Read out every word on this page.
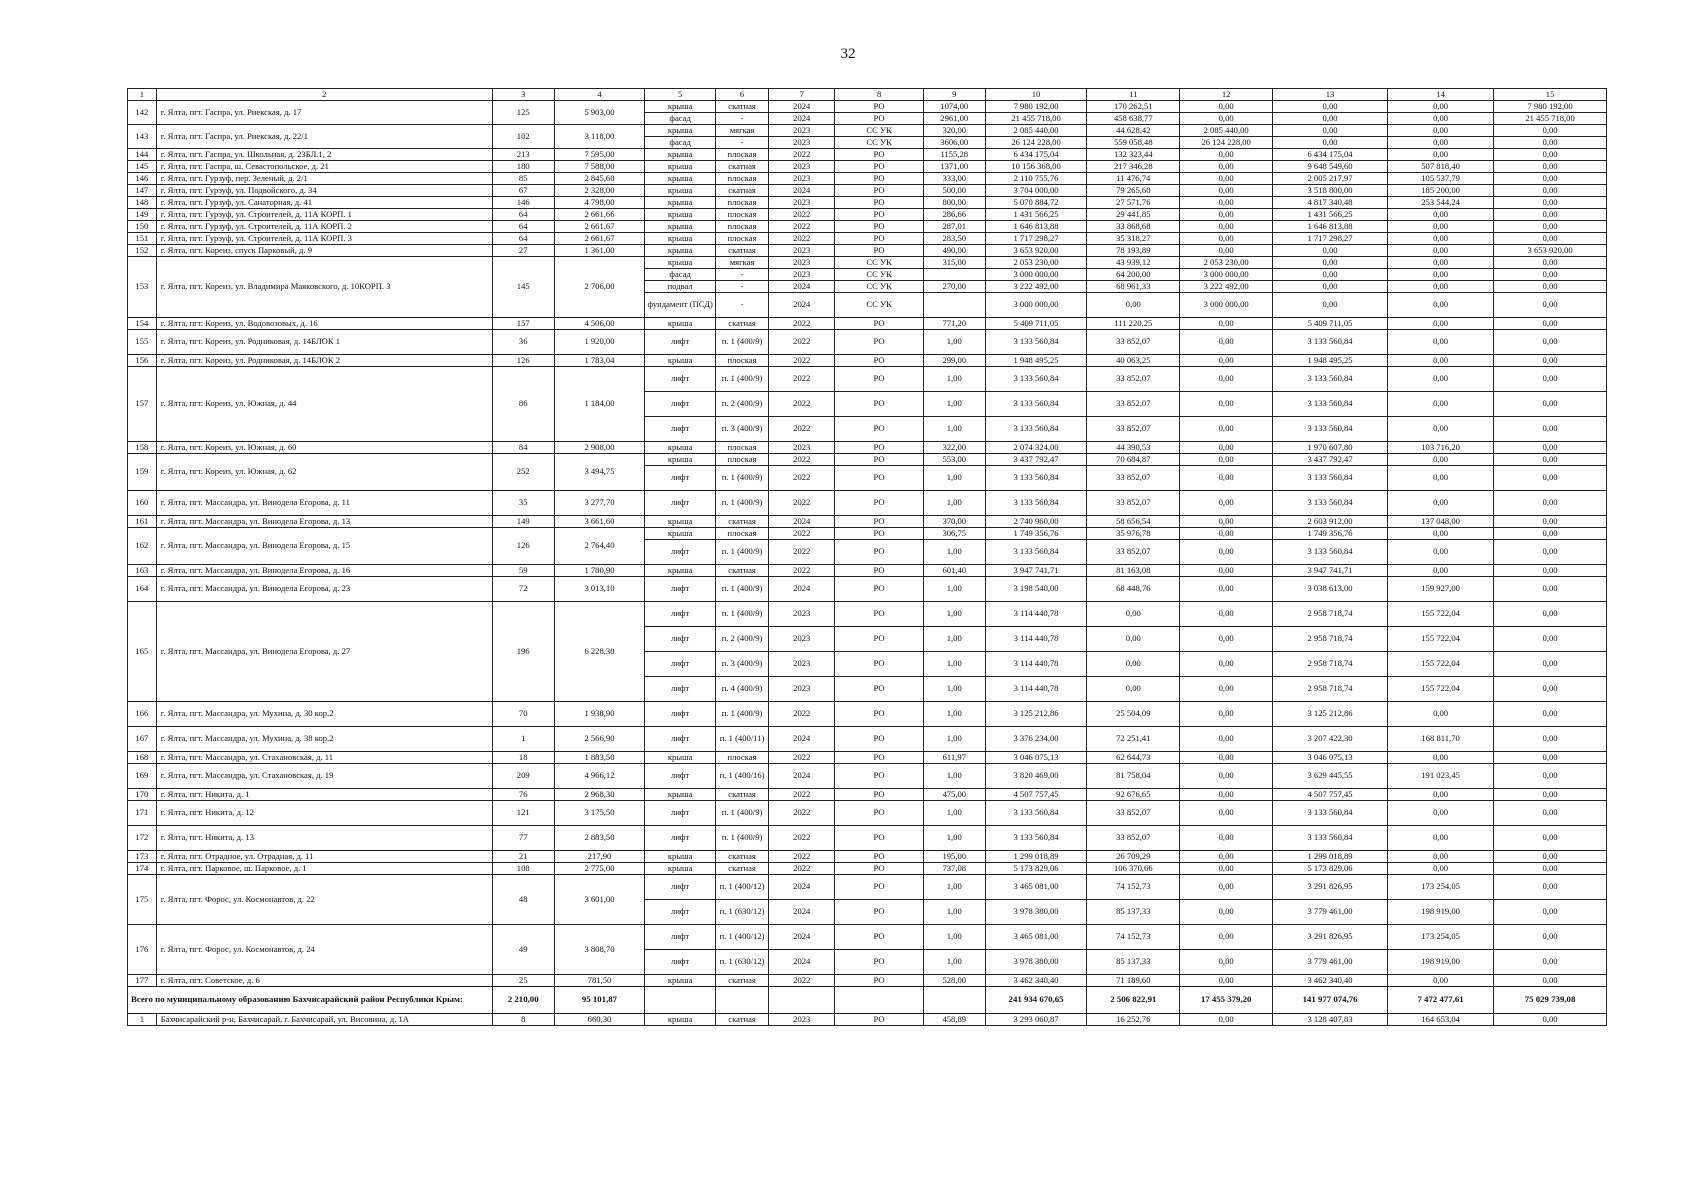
32
1	2	3	4	5	6	7	8	9	10	11	12	13	14	15
142	г. Ялта, пгт. Гаспра, ул. Риекская, д. 17	125	5 903,00	крыша	скатная	2024	РО	1074,00	7 980 192,00	170 262,51	0,00	0,00	0,00	7 980 192,00
				фасад	-	2024	РО	2961,00	21 455 718,00	458 638,77	0,00	0,00	0,00	21 455 718,00
143	г. Ялта, пгт. Гаспра, ул. Риекская, д. 22/1	102	3 118,00	крыша	мягкая	2023	СС УК	320,00	2 085 440,00	44 628,42	2 085 440,00	0,00	0,00	0,00
				фасад	-	2023	СС УК	3606,00	26 124 228,00	559 058,48	26 124 228,00	0,00	0,00	0,00
144	г. Ялта, пгт. Гаспра, ул. Школьная, д. 23БЛ.1, 2	213	7 595,00	крыша	плоская	2022	РО	1155,28	6 434 175,04	132 323,44	0,00	6 434 175,04	0,00	0,00
145	г. Ялта, пгт. Гаспра, ш. Севастопольское, д. 21	180	7 588,00	крыша	скатная	2023	РО	1371,00	10 156 368,00	217 346,28	0,00	9 648 549,60	507 818,40	0,00
146	г. Ялта, пгт. Гурзуф, пер. Зеленый, д. 2/1	85	2 845,60	крыша	плоская	2023	РО	333,00	2 110 755,76	11 476,74	0,00	2 005 217,97	105 537,79	0,00
147	г. Ялта, пгт. Гурзуф, ул. Подвойского, д. 34	67	2 328,00	крыша	скатная	2024	РО	500,00	3 704 000,00	79 265,60	0,00	3 518 800,00	185 200,00	0,00
148	г. Ялта, пгт. Гурзуф, ул. Санаторная, д. 41	146	4 798,00	крыша	плоская	2023	РО	800,00	5 070 884,72	27 571,76	0,00	4 817 340,48	253 544,24	0,00
149	г. Ялта, пгт. Гурзуф, ул. Строителей, д. 11А КОРП. 1	64	2 661,66	крыша	плоская	2022	РО	286,66	1 431 566,25	29 441,85	0,00	1 431 566,25	0,00	0,00
150	г. Ялта, пгт. Гурзуф, ул. Строителей, д. 11А КОРП. 2	64	2 661,67	крыша	плоская	2022	РО	287,01	1 646 813,88	33 868,68	0,00	1 646 813,88	0,00	0,00
151	г. Ялта, пгт. Гурзуф, ул. Строителей, д. 11А КОРП. 3	64	2 661,67	крыша	плоская	2022	РО	283,50	1 717 298,27	35 318,27	0,00	1 717 298,27	0,00	0,00
152	г. Ялта, пгт. Кореиз, спуск Парковый, д. 9	27	1 361,00	крыша	скатная	2023	РО	490,00	3 653 920,00	78 193,89	0,00	0,00	0,00	3 653 920,00
153	г. Ялта, пгт. Кореиз, ул. Владимира Маяковского, д. 10КОРП. 3	145	2 706,00	крыша	мягкая	2023	СС УК	315,00	2 053 230,00	43 939,12	2 053 230,00	0,00	0,00	0,00
				фасад	-	2023	СС УК		3 000 000,00	64 200,00	3 000 000,00	0,00	0,00	0,00
				подвал	-	2024	СС УК	270,00	3 222 492,00	68 961,33	3 222 492,00	0,00	0,00	0,00
				фундамент (ПСД)	-	2024	СС УК		3 000 000,00	0,00	3 000 000,00	0,00	0,00	0,00
154	г. Ялта, пгт. Кореиз, ул. Водовозовых, д. 16	157	4 506,00	крыша	скатная	2022	РО	771,20	5 409 711,05	111 220,25	0,00	5 409 711,05	0,00	0,00
155	г. Ялта, пгт. Кореиз, ул. Родниковая, д. 14БЛОК 1	36	1 920,00	лифт	п. 1 (400/9)	2022	РО	1,00	3 133 560,84	33 852,07	0,00	3 133 560,84	0,00	0,00
156	г. Ялта, пгт. Кореиз, ул. Родниковая, д. 14БЛОК 2	126	1 783,04	крыша	плоская	2022	РО	299,00	1 948 495,25	40 063,25	0,00	1 948 495,25	0,00	0,00
157	г. Ялта, пгт. Кореиз, ул. Южная, д. 44	86	1 184,00	лифт	п. 1 (400/9)	2022	РО	1,00	3 133 560,84	33 852,07	0,00	3 133 560,84	0,00	0,00
				лифт	п. 2 (400/9)	2022	РО	1,00	3 133 560,84	33 852,07	0,00	3 133 560,84	0,00	0,00
				лифт	п. 3 (400/9)	2022	РО	1,00	3 133 560,84	33 852,07	0,00	3 133 560,84	0,00	0,00
158	г. Ялта, пгт. Кореиз, ул. Южная, д. 60	84	2 908,00	крыша	плоская	2023	РО	322,00	2 074 324,00	44 390,53	0,00	1 970 607,80	103 716,20	0,00
159	г. Ялта, пгт. Кореиз, ул. Южная, д. 62	252	3 494,75	крыша	плоская	2022	РО	553,00	3 437 792,47	70 684,87	0,00	3 437 792,47	0,00	0,00
				лифт	п. 1 (400/9)	2022	РО	1,00	3 133 560,84	33 852,07	0,00	3 133 560,84	0,00	0,00
160	г. Ялта, пгт. Массандра, ул. Винодела Егорова, д. 11	35	3 277,70	лифт	п. 1 (400/9)	2022	РО	1,00	3 133 560,84	33 852,07	0,00	3 133 560,84	0,00	0,00
161	г. Ялта, пгт. Массандра, ул. Винодела Егорова, д. 13	149	3 661,60	крыша	скатная	2024	РО	370,00	2 740 960,00	58 656,54	0,00	2 603 912,00	137 048,00	0,00
162	г. Ялта, пгт. Массандра, ул. Винодела Егорова, д. 15	126	2 764,40	крыша	плоская	2022	РО	306,75	1 749 356,76	35 976,78	0,00	1 749 356,76	0,00	0,00
				лифт	п. 1 (400/9)	2022	РО	1,00	3 133 560,84	33 852,07	0,00	3 133 560,84	0,00	0,00
163	г. Ялта, пгт. Массандра, ул. Винодела Егорова, д. 16	59	1 780,90	крыша	скатная	2022	РО	601,40	3 947 741,71	81 163,08	0,00	3 947 741,71	0,00	0,00
164	г. Ялта, пгт. Массандра, ул. Винодела Егорова, д. 23	72	3 013,10	лифт	п. 1 (400/9)	2024	РО	1,00	3 198 540,00	68 448,76	0,00	3 038 613,00	159 927,00	0,00
165	г. Ялта, пгт. Массандра, ул. Винодела Егорова, д. 27	196	6 228,30	лифт	п. 1 (400/9)	2023	РО	1,00	3 114 440,78	0,00	0,00	2 958 718,74	155 722,04	0,00
				лифт	п. 2 (400/9)	2023	РО	1,00	3 114 440,78	0,00	0,00	2 958 718,74	155 722,04	0,00
				лифт	п. 3 (400/9)	2023	РО	1,00	3 114 440,78	0,00	0,00	2 958 718,74	155 722,04	0,00
				лифт	п. 4 (400/9)	2023	РО	1,00	3 114 440,78	0,00	0,00	2 958 718,74	155 722,04	0,00
166	г. Ялта, пгт. Массандра, ул. Мухина, д. 30 кор.2	70	1 938,90	лифт	п. 1 (400/9)	2022	РО	1,00	3 125 212,86	25 504,09	0,00	3 125 212,86	0,00	0,00
167	г. Ялта, пгт. Массандра, ул. Мухина, д. 38 кор.2	1	2 566,90	лифт	п. 1 (400/11)	2024	РО	1,00	3 376 234,00	72 251,41	0,00	3 207 422,30	168 811,70	0,00
168	г. Ялта, пгт. Массандра, ул. Стахановская, д. 11	18	1 883,50	крыша	плоская	2022	РО	611,97	3 046 075,13	62 644,73	0,00	3 046 075,13	0,00	0,00
169	г. Ялта, пгт. Массандра, ул. Стахановская, д. 19	209	4 966,12	лифт	п. 1 (400/16)	2024	РО	1,00	3 820 469,00	81 758,04	0,00	3 629 445,55	191 023,45	0,00
170	г. Ялта, пгт. Никита, д. 1	76	2 968,30	крыша	скатная	2022	РО	475,00	4 507 757,45	92 676,65	0,00	4 507 757,45	0,00	0,00
171	г. Ялта, пгт. Никита, д. 12	121	3 175,50	лифт	п. 1 (400/9)	2022	РО	1,00	3 133 560,84	33 852,07	0,00	3 133 560,84	0,00	0,00
172	г. Ялта, пгт. Никита, д. 13	77	2 883,50	лифт	п. 1 (400/9)	2022	РО	1,00	3 133 560,84	33 852,07	0,00	3 133 560,84	0,00	0,00
173	г. Ялта, пгт. Отрадное, ул. Отрадная, д. 11	21	217,90	крыша	скатная	2022	РО	195,00	1 299 018,89	26 709,29	0,00	1 299 018,89	0,00	0,00
174	г. Ялта, пгт. Парковое, ш. Парковое, д. 1	108	2 775,00	крыша	скатная	2022	РО	737,08	5 173 829,06	106 370,66	0,00	5 173 829,06	0,00	0,00
175	г. Ялта, пгт. Форос, ул. Космонавтов, д. 22	48	3 601,00	лифт	п. 1 (400/12)	2024	РО	1,00	3 465 081,00	74 152,73	0,00	3 291 826,95	173 254,05	0,00
				лифт	п. 1 (630/12)	2024	РО	1,00	3 978 380,00	85 137,33	0,00	3 779 461,00	198 919,00	0,00
176	г. Ялта, пгт. Форос, ул. Космонавтов, д. 24	49	3 808,70	лифт	п. 1 (400/12)	2024	РО	1,00	3 465 081,00	74 152,73	0,00	3 291 826,95	173 254,05	0,00
				лифт	п. 1 (630/12)	2024	РО	1,00	3 978 380,00	85 137,33	0,00	3 779 461,00	198 919,00	0,00
177	г. Ялта, пгт. Советское, д. 6	25	781,50	крыша	скатная	2022	РО	528,00	3 462 340,40	71 189,60	0,00	3 462 340,40	0,00	0,00
Всего по муниципальному образованию Бахчисарайский район Республики Крым:		2 210,00	95 101,87						241 934 670,65	2 506 822,91	17 455 379,20	141 977 074,76	7 472 477,61	75 029 739,08
1	Бахчисарайский р-н, Бахчисарай, г. Бахчисарай, ул. Висовина, д. 1А	8	660,30	крыша	скатная	2023	РО	458,89	3 293 060,87	16 252,76	0,00	3 128 407,83	164 653,04	0,00
